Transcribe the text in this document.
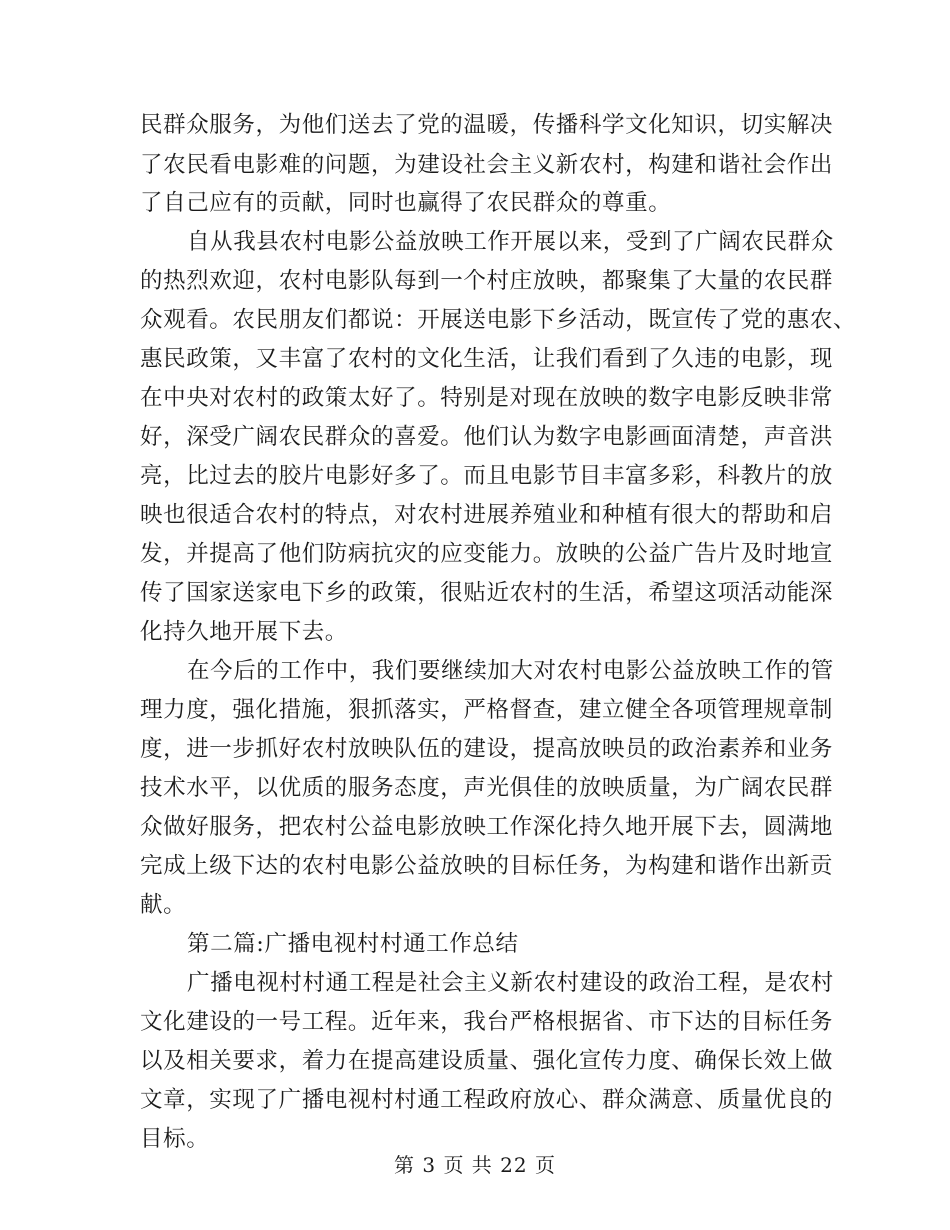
民群众服务，为他们送去了党的温暖，传播科学文化知识，切实解决
了农民看电影难的问题，为建设社会主义新农村，构建和谐社会作出
了自己应有的贡献，同时也赢得了农民群众的尊重。
自从我县农村电影公益放映工作开展以来，受到了广阔农民群众
的热烈欢迎，农村电影队每到一个村庄放映，都聚集了大量的农民群
众观看。农民朋友们都说：开展送电影下乡活动，既宣传了党的惠农、
惠民政策，又丰富了农村的文化生活，让我们看到了久违的电影，现
在中央对农村的政策太好了。特别是对现在放映的数字电影反映非常
好，深受广阔农民群众的喜爱。他们认为数字电影画面清楚，声音洪
亮，比过去的胶片电影好多了。而且电影节目丰富多彩，科教片的放
映也很适合农村的特点，对农村进展养殖业和种植有很大的帮助和启
发，并提高了他们防病抗灾的应变能力。放映的公益广告片及时地宣
传了国家送家电下乡的政策，很贴近农村的生活，希望这项活动能深
化持久地开展下去。
在今后的工作中，我们要继续加大对农村电影公益放映工作的管
理力度，强化措施，狠抓落实，严格督查，建立健全各项管理规章制
度，进一步抓好农村放映队伍的建设，提高放映员的政治素养和业务
技术水平，以优质的服务态度，声光俱佳的放映质量，为广阔农民群
众做好服务，把农村公益电影放映工作深化持久地开展下去，圆满地
完成上级下达的农村电影公益放映的目标任务，为构建和谐作出新贡
献。
第二篇:广播电视村村通工作总结
广播电视村村通工程是社会主义新农村建设的政治工程，是农村
文化建设的一号工程。近年来，我台严格根据省、市下达的目标任务
以及相关要求，着力在提高建设质量、强化宣传力度、确保长效上做
文章，实现了广播电视村村通工程政府放心、群众满意、质量优良的
目标。
第 3 页 共 22 页
